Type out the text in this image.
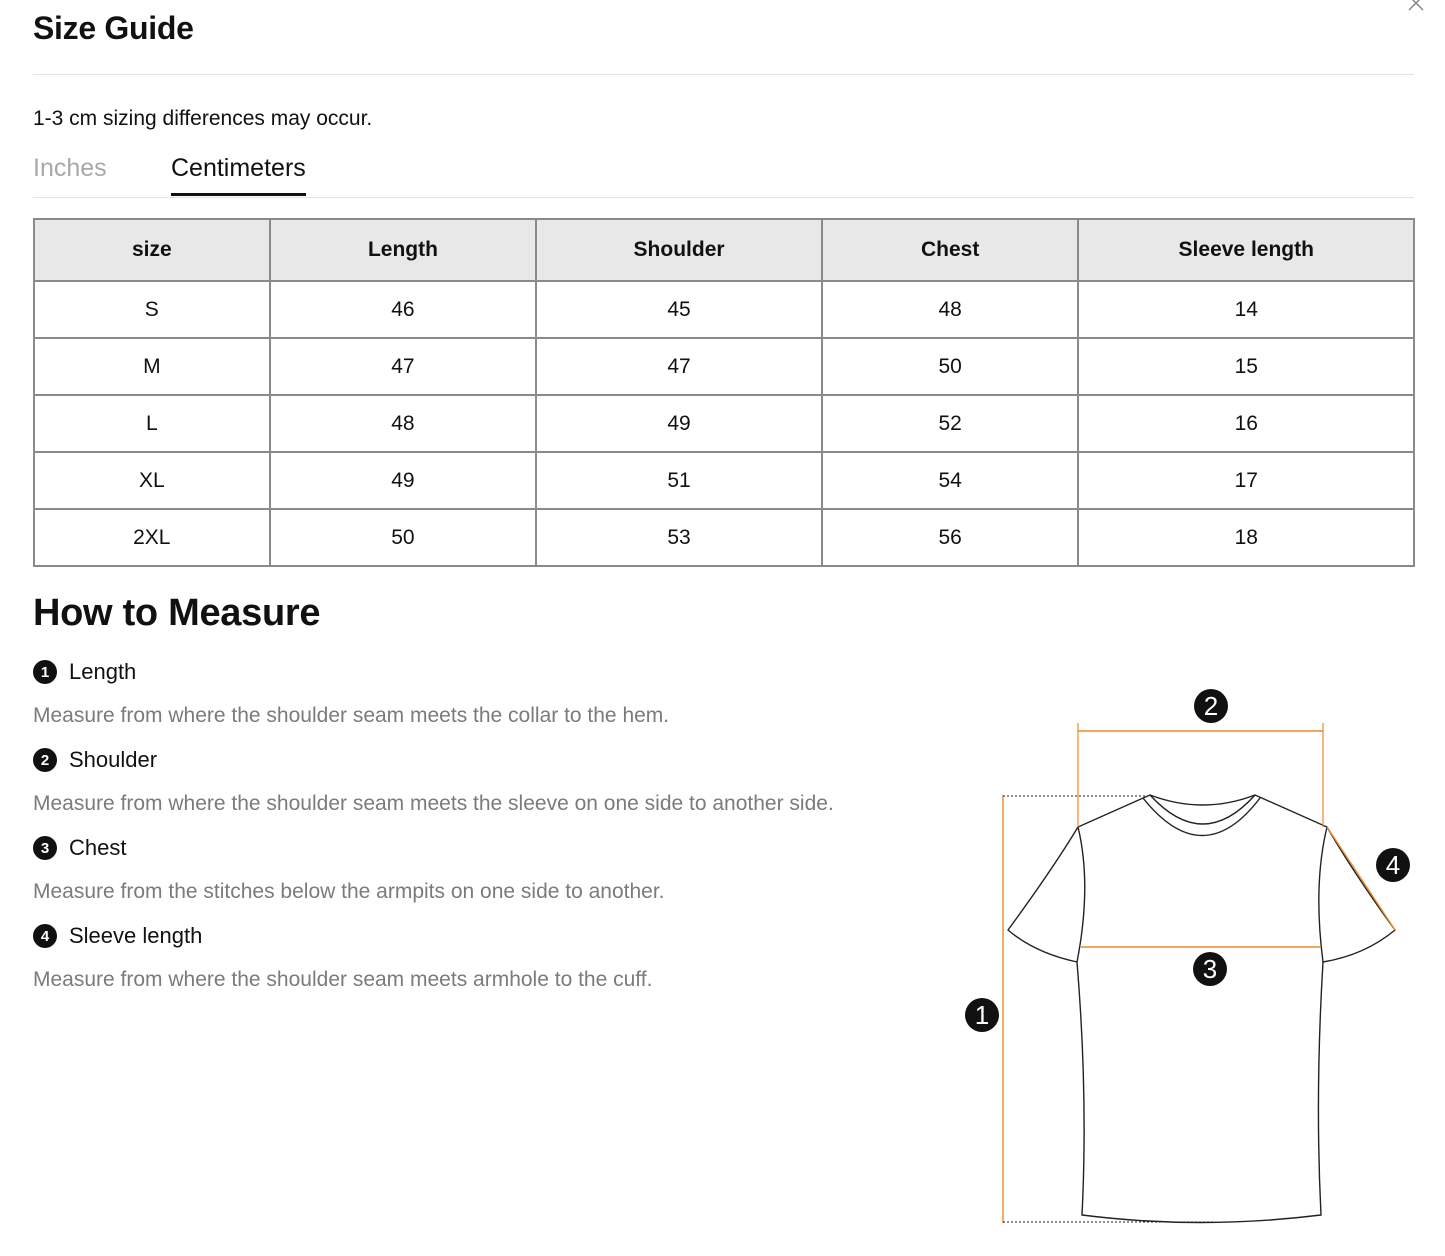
Size Guide
1-3 cm sizing differences may occur.
Inches	Centimeters
size	Length	Shoulder	Chest	Sleeve length
S	46	45	48	14
M	47	47	50	15
L	48	49	52	16
XL	49	51	54	17
2XL	50	53	56	18
How to Measure
1 Length
Measure from where the shoulder seam meets the collar to the hem.
2 Shoulder
Measure from where the shoulder seam meets the sleeve on one side to another side.
3 Chest
Measure from the stitches below the armpits on one side to another.
4 Sleeve length
Measure from where the shoulder seam meets armhole to the cuff.
2
1
3
4
